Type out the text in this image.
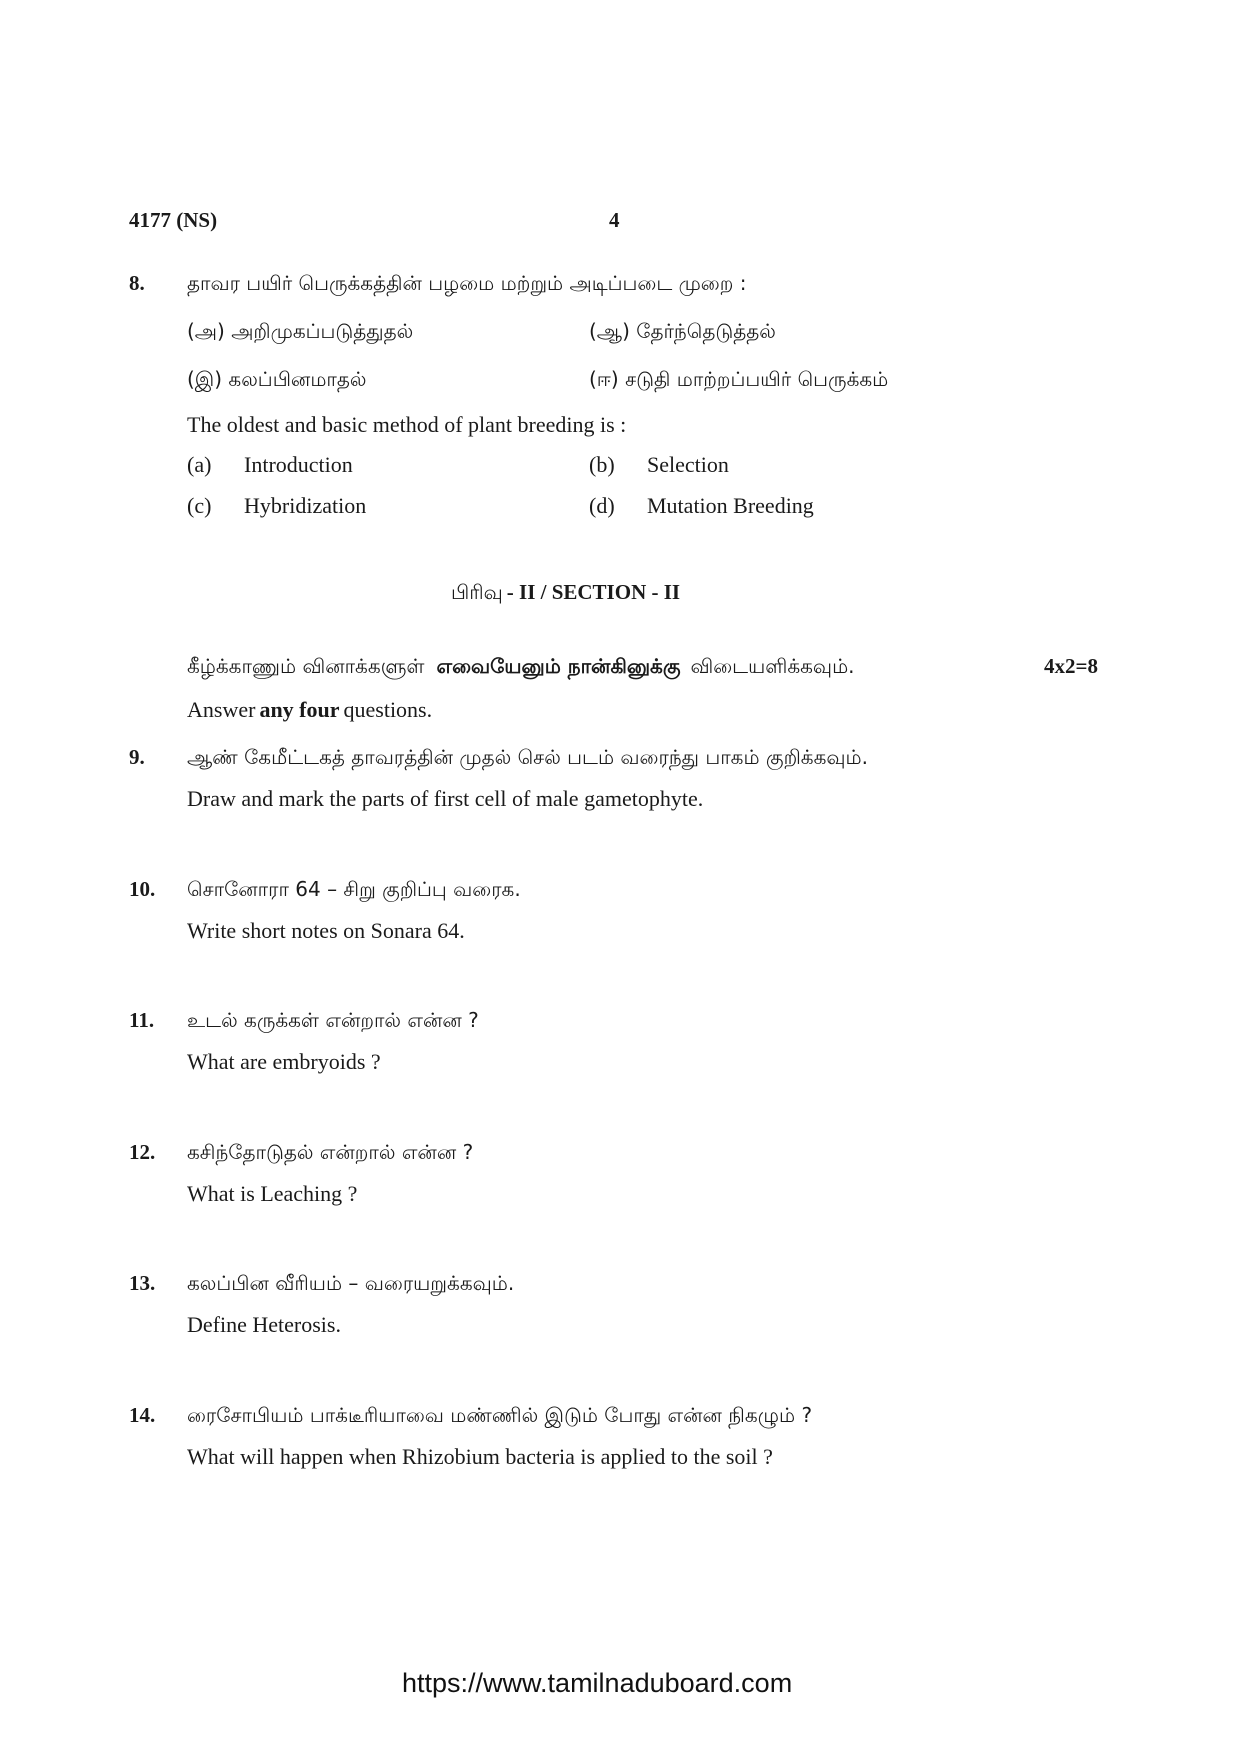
4177 (NS)	4
8. தாவர பயிர் பெருக்கத்தின் பழமை மற்றும் அடிப்படை முறை :
(அ) அறிமுகப்படுத்துதல்	(ஆ) தேர்ந்தெடுத்தல்
(இ) கலப்பினமாதல்	(ஈ) சடுதி மாற்றப்பயிர் பெருக்கம்
The oldest and basic method of plant breeding is :
(a) Introduction	(b) Selection
(c) Hybridization	(d) Mutation Breeding
பிரிவு - II / SECTION - II
கீழ்க்காணும் வினாக்களுள் எவையேனும் நான்கினுக்கு விடையளிக்கவும்.	4x2=8
Answer any four questions.
9. ஆண் கேமீட்டகத் தாவரத்தின் முதல் செல் படம் வரைந்து பாகம் குறிக்கவும்.
Draw and mark the parts of first cell of male gametophyte.
10. சொனோரா 64 – சிறு குறிப்பு வரைக.
Write short notes on Sonara 64.
11. உடல் கருக்கள் என்றால் என்ன ?
What are embryoids ?
12. கசிந்தோடுதல் என்றால் என்ன ?
What is Leaching ?
13. கலப்பின வீரியம் – வரையறுக்கவும்.
Define Heterosis.
14. ரைசோபியம் பாக்டீரியாவை மண்ணில் இடும் போது என்ன நிகழும் ?
What will happen when Rhizobium bacteria is applied to the soil ?
https://www.tamilnaduboard.com
